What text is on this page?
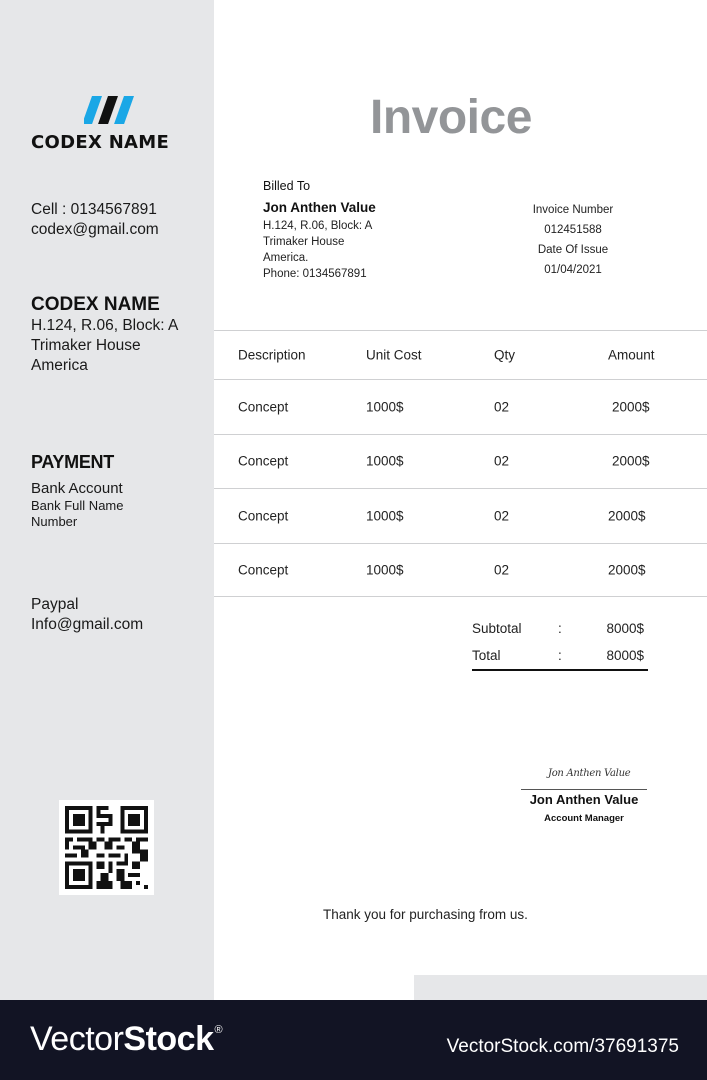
CODEX NAME
Cell : 0134567891
codex@gmail.com
CODEX NAME
H.124, R.06, Block: A
Trimaker House
America
PAYMENT
Bank Account
Bank Full Name
Number
Paypal
Info@gmail.com
Invoice
Billed To
Jon Anthen Value
H.124, R.06, Block: A
Trimaker House
America.
Phone: 0134567891
Invoice Number
012451588
Date Of Issue
01/04/2021
Description	Unit Cost	Qty	Amount
Concept	1000$	02	2000$
Concept	1000$	02	2000$
Concept	1000$	02	2000$
Concept	1000$	02	2000$
Subtotal	:	8000$
Total	:	8000$
Jon Anthen Value
Jon Anthen Value
Account Manager
Thank you for purchasing from us.
VectorStock®
VectorStock.com/37691375
